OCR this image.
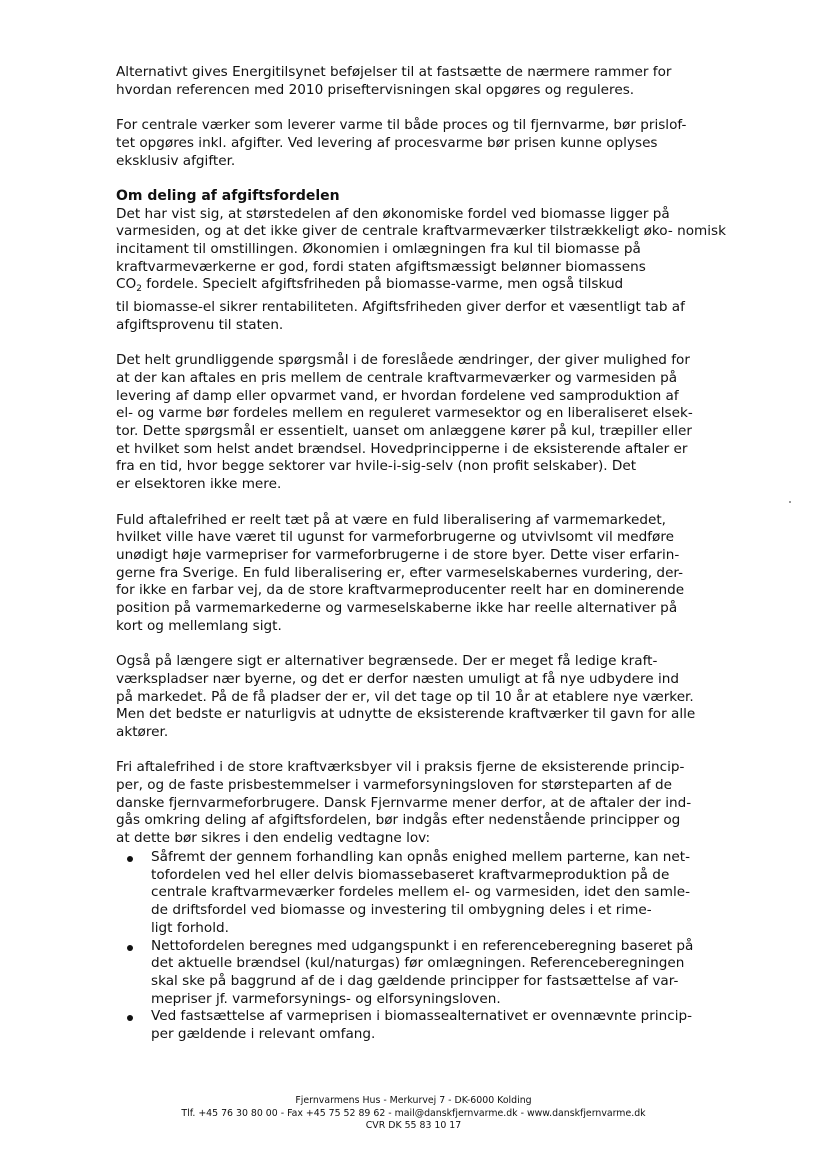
Alternativt gives Energitilsynet beføjelser til at fastsætte de nærmere rammer for
hvordan referencen med 2010 priseftervisningen skal opgøres og reguleres.

For centrale værker som leverer varme til både proces og til fjernvarme, bør prislof-
tet opgøres inkl. afgifter. Ved levering af procesvarme bør prisen kunne oplyses
eksklusiv afgifter.

Om deling af afgiftsfordelen
Det har vist sig, at størstedelen af den økonomiske fordel ved biomasse ligger på varmesiden, og at det ikke giver de centrale kraftvarmeværker tilstrækkeligt øko- nomisk incitament til omstillingen. Økonomien i omlægningen fra kul til biomasse på kraftvarmeværkerne er god, fordi staten afgiftsmæssigt belønner biomassens
$CO_2$ fordele. Specielt afgiftsfriheden på biomasse-varme, men også tilskud
til biomasse-el sikrer rentabiliteten. Afgiftsfriheden giver derfor et væsentligt tab af afgiftsprovenu til staten.

Det helt grundliggende spørgsmål i de foreslåede ændringer, der giver mulighed for
at der kan aftales en pris mellem de centrale kraftvarmeværker og varmesiden på
levering af damp eller opvarmet vand, er hvordan fordelene ved samproduktion af
el- og varme bør fordeles mellem en reguleret varmesektor og en liberaliseret elsek-
tor. Dette spørgsmål er essentielt, uanset om anlæggene kører på kul, træpiller eller
et hvilket som helst andet brændsel. Hovedprincipperne i de eksisterende aftaler er
fra en tid, hvor begge sektorer var hvile-i-sig-selv (non profit selskaber). Det
er elsektoren ikke mere.

Fuld aftalefrihed er reelt tæt på at være en fuld liberalisering af varmemarkedet,
hvilket ville have været til ugunst for varmeforbrugerne og utvivlsomt vil medføre
unødigt høje varmepriser for varmeforbrugerne i de store byer. Dette viser erfarin-
gerne fra Sverige. En fuld liberalisering er, efter varmeselskabernes vurdering, der-
for ikke en farbar vej, da de store kraftvarmeproducenter reelt har en dominerende
position på varmemarkederne og varmeselskaberne ikke har reelle alternativer på
kort og mellemlang sigt.

Også på længere sigt er alternativer begrænsede. Der er meget få ledige kraft-
værkspladser nær byerne, og det er derfor næsten umuligt at få nye udbydere ind
på markedet. På de få pladser der er, vil det tage op til 10 år at etablere nye værker.
Men det bedste er naturligvis at udnytte de eksisterende kraftværker til gavn for alle
aktører.

Fri aftalefrihed i de store kraftværksbyer vil i praksis fjerne de eksisterende princip-
per, og de faste prisbestemmelser i varmeforsyningsloven for størsteparten af de
danske fjernvarmeforbrugere. Dansk Fjernvarme mener derfor, at de aftaler der ind-
gås omkring deling af afgiftsfordelen, bør indgås efter nedenstående principper og
at dette bør sikres i den endelig vedtagne lov:

Såfremt der gennem forhandling kan opnås enighed mellem parterne, kan net-
tofordelen ved hel eller delvis biomassebaseret kraftvarmeproduktion på de
centrale kraftvarmeværker fordeles mellem el- og varmesiden, idet den samle-
de driftsfordel ved biomasse og investering til ombygning deles i et rime-
ligt forhold.
Nettofordelen beregnes med udgangspunkt i en referenceberegning baseret på
det aktuelle brændsel (kul/naturgas) før omlægningen. Referenceberegningen
skal ske på baggrund af de i dag gældende principper for fastsættelse af var-
mepriser jf. varmeforsynings- og elforsyningsloven.
Ved fastsættelse af varmeprisen i biomassealternativet er ovennævnte princip-
per gældende i relevant omfang.
Fjernvarmens Hus - Merkurvej 7 - DK-6000 Kolding
Tlf. +45 76 30 80 00 - Fax +45 75 52 89 62 - mail@danskfjernvarme.dk - www.danskfjernvarme.dk
CVR DK 55 83 10 17
